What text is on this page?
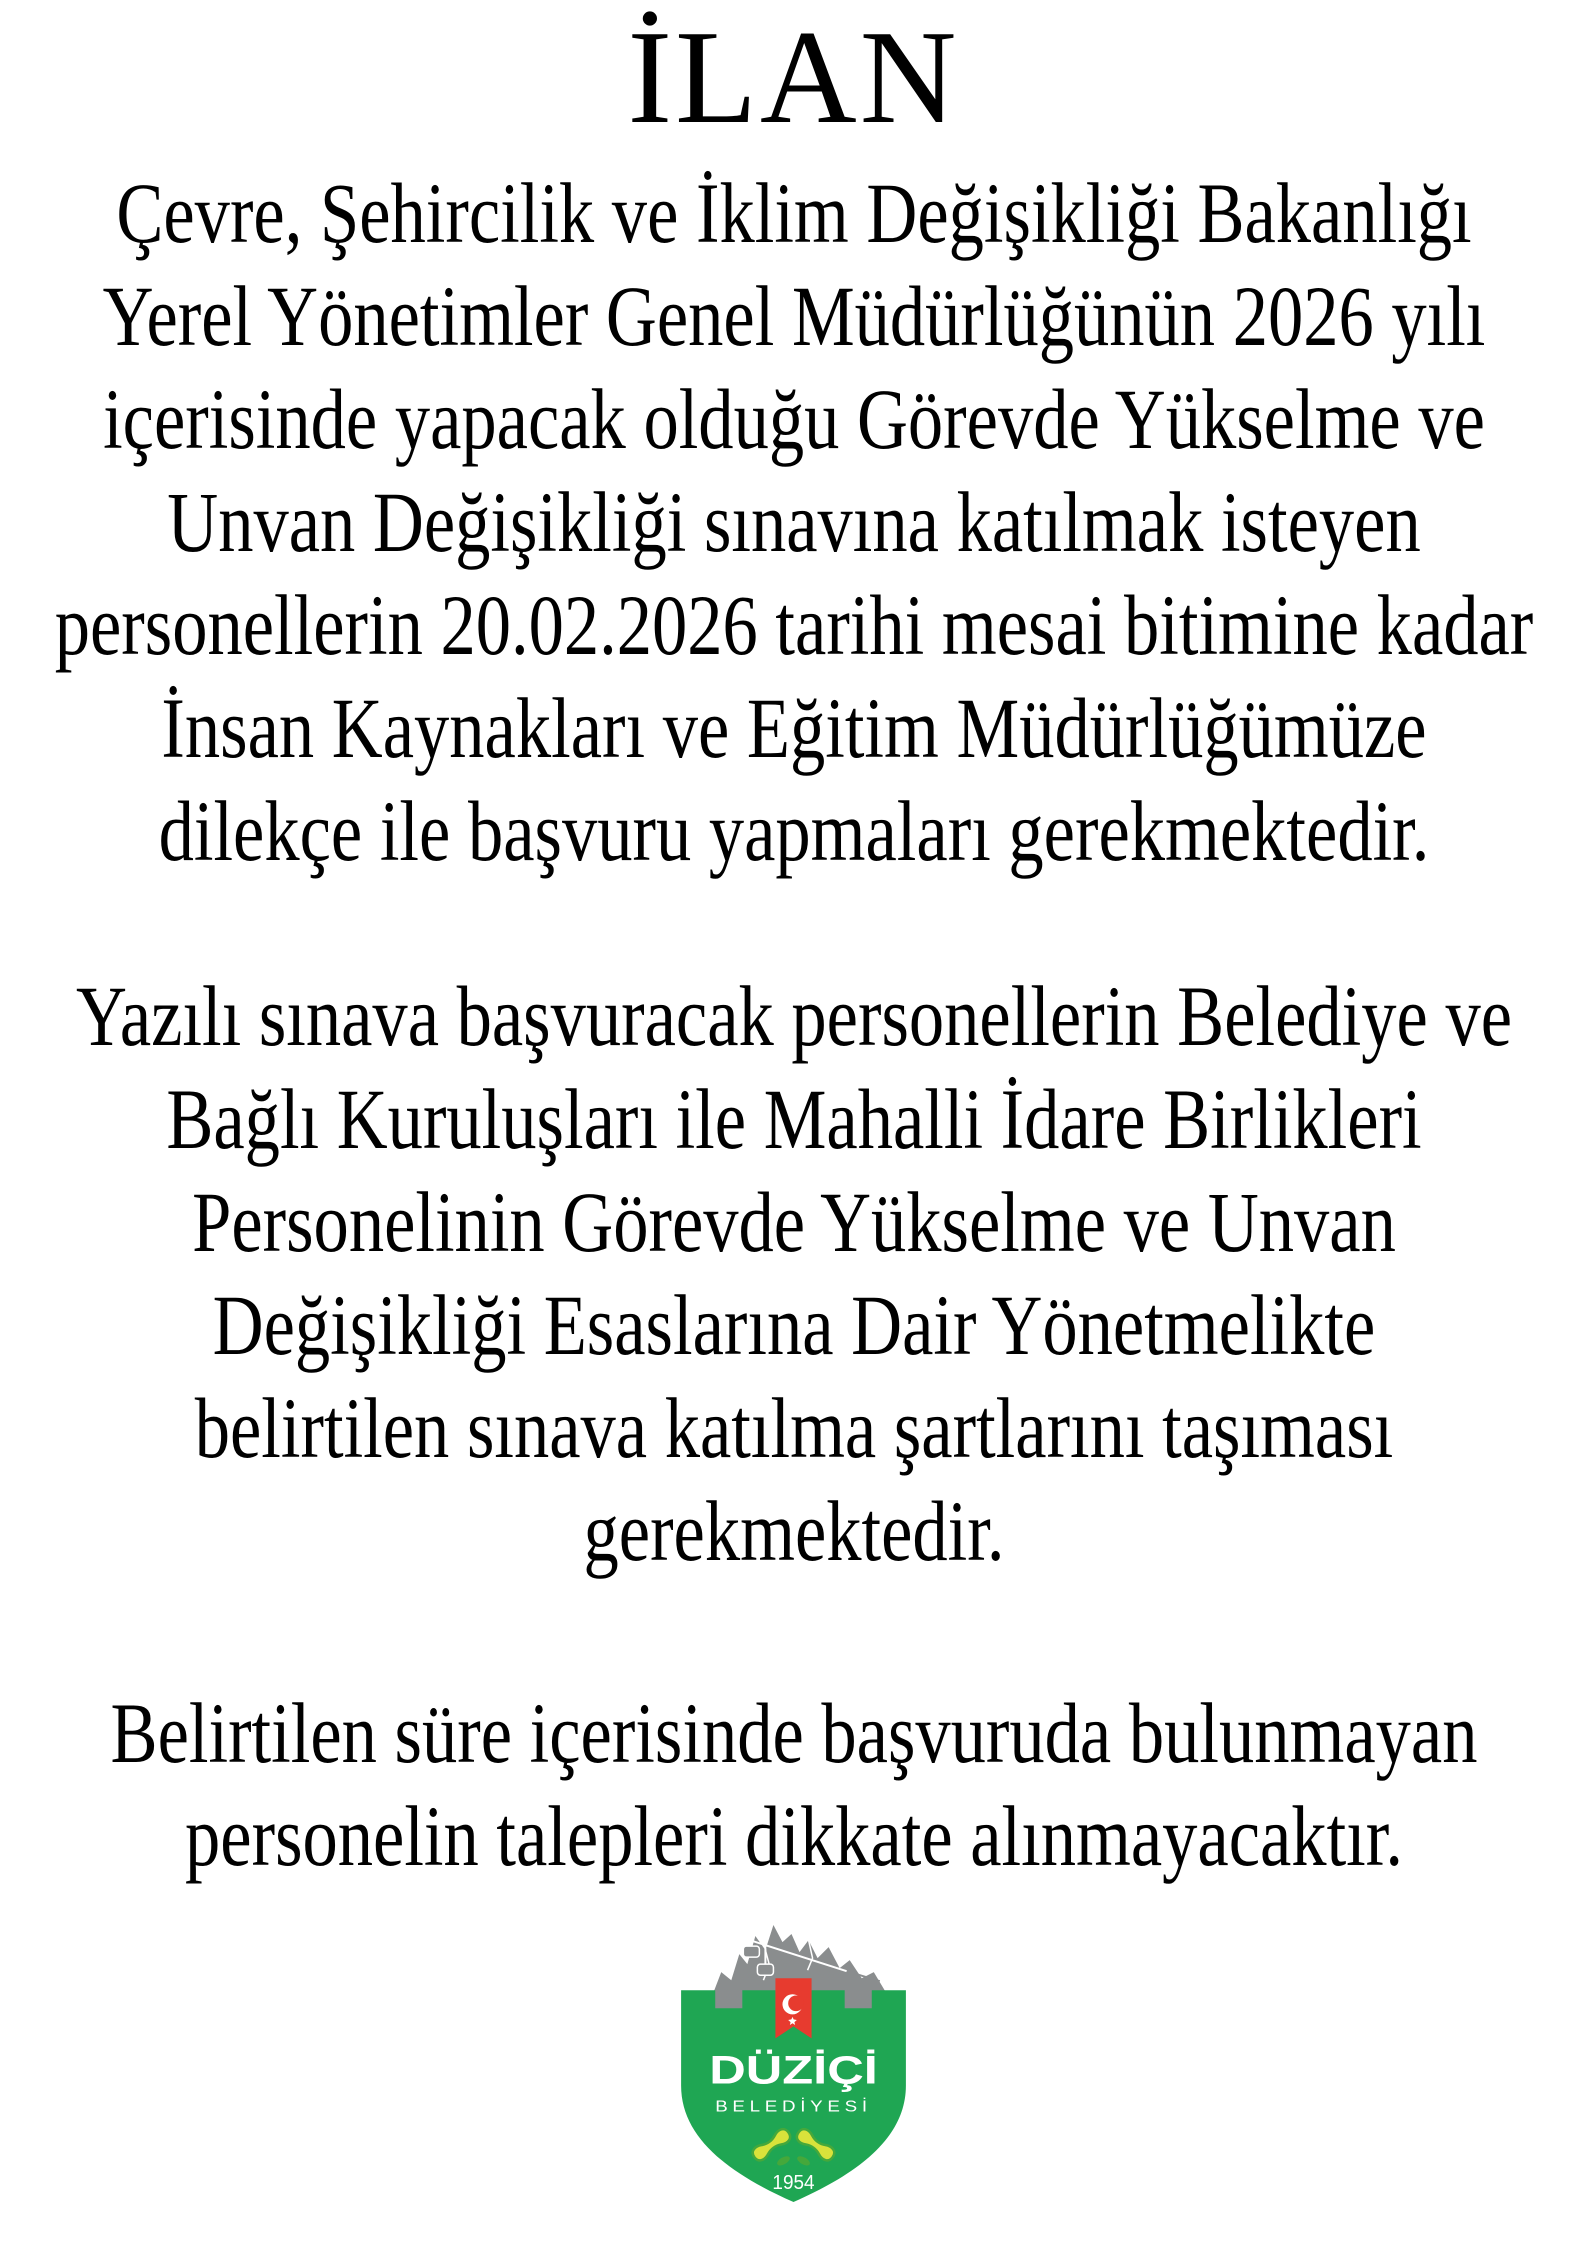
İLAN

Çevre, Şehircilik ve İklim Değişikliği Bakanlığı
Yerel Yönetimler Genel Müdürlüğünün 2026 yılı
içerisinde yapacak olduğu Görevde Yükselme ve
Unvan Değişikliği sınavına katılmak isteyen
personellerin 20.02.2026 tarihi mesai bitimine kadar
İnsan Kaynakları ve Eğitim Müdürlüğümüze
dilekçe ile başvuru yapmaları gerekmektedir.

Yazılı sınava başvuracak personellerin Belediye ve
Bağlı Kuruluşları ile Mahalli İdare Birlikleri
Personelinin Görevde Yükselme ve Unvan
Değişikliği Esaslarına Dair Yönetmelikte
belirtilen sınava katılma şartlarını taşıması
gerekmektedir.

Belirtilen süre içerisinde başvuruda bulunmayan
personelin talepleri dikkate alınmayacaktır.

DÜZİÇİ
BELEDİYESİ
1954
